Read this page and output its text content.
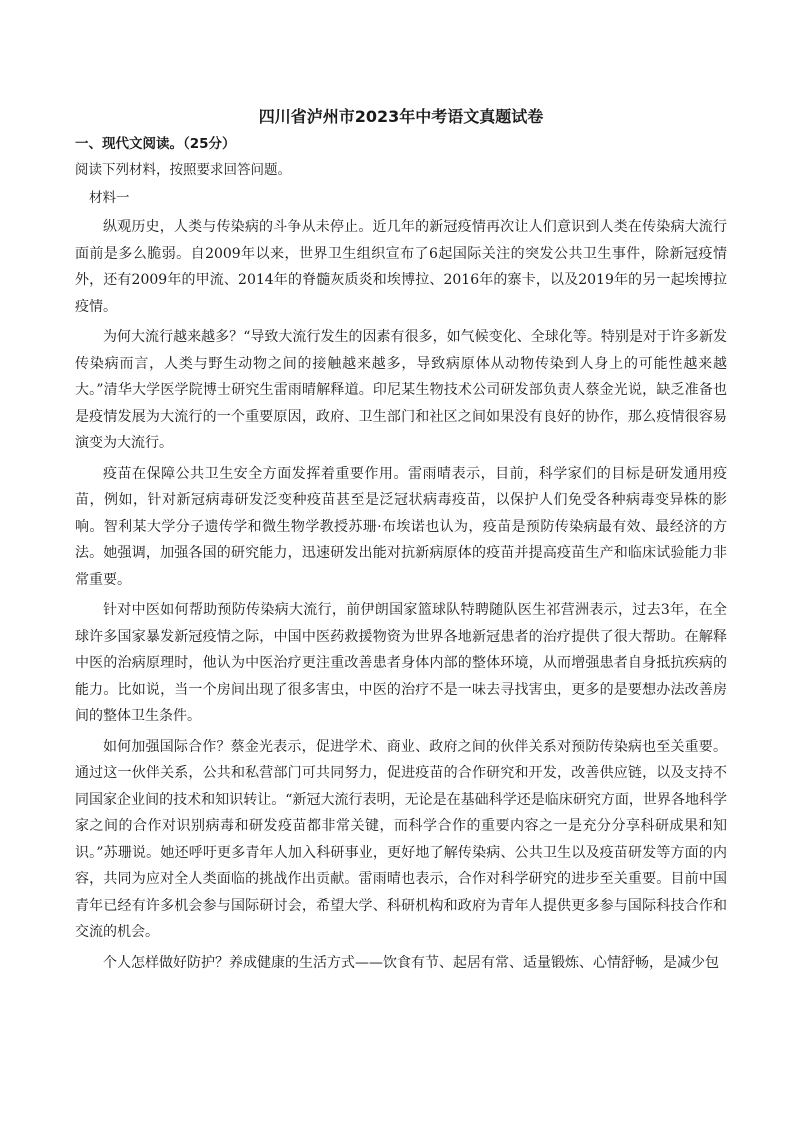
四川省泸州市2023年中考语文真题试卷
一、现代文阅读。（25分）
阅读下列材料，按照要求回答问题。
材料一

纵观历史，人类与传染病的斗争从未停止。近几年的新冠疫情再次让人们意识到人类在传染病大流行面前是多么脆弱。自2009年以来，世界卫生组织宣布了6起国际关注的突发公共卫生事件，除新冠疫情外，还有2009年的甲流、2014年的脊髓灰质炎和埃博拉、2016年的寨卡，以及2019年的另一起埃博拉疫情。

为何大流行越来越多？“导致大流行发生的因素有很多，如气候变化、全球化等。特别是对于许多新发传染病而言，人类与野生动物之间的接触越来越多，导致病原体从动物传染到人身上的可能性越来越大。”清华大学医学院博士研究生雷雨晴解释道。印尼某生物技术公司研发部负责人蔡金光说，缺乏准备也是疫情发展为大流行的一个重要原因，政府、卫生部门和社区之间如果没有良好的协作，那么疫情很容易演变为大流行。

疫苗在保障公共卫生安全方面发挥着重要作用。雷雨晴表示，目前，科学家们的目标是研发通用疫苗，例如，针对新冠病毒研发泛变种疫苗甚至是泛冠状病毒疫苗，以保护人们免受各种病毒变异株的影响。智利某大学分子遗传学和微生物学教授苏珊·布埃诺也认为，疫苗是预防传染病最有效、最经济的方法。她强调，加强各国的研究能力，迅速研发出能对抗新病原体的疫苗并提高疫苗生产和临床试验能力非常重要。

针对中医如何帮助预防传染病大流行，前伊朗国家篮球队特聘随队医生祁营洲表示，过去3年，在全球许多国家暴发新冠疫情之际，中国中医药救援物资为世界各地新冠患者的治疗提供了很大帮助。在解释中医的治病原理时，他认为中医治疗更注重改善患者身体内部的整体环境，从而增强患者自身抵抗疾病的能力。比如说，当一个房间出现了很多害虫，中医的治疗不是一味去寻找害虫，更多的是要想办法改善房间的整体卫生条件。

如何加强国际合作？蔡金光表示，促进学术、商业、政府之间的伙伴关系对预防传染病也至关重要。通过这一伙伴关系，公共和私营部门可共同努力，促进疫苗的合作研究和开发，改善供应链，以及支持不同国家企业间的技术和知识转让。“新冠大流行表明，无论是在基础科学还是临床研究方面，世界各地科学家之间的合作对识别病毒和研发疫苗都非常关键，而科学合作的重要内容之一是充分分享科研成果和知识。”苏珊说。她还呼吁更多青年人加入科研事业，更好地了解传染病、公共卫生以及疫苗研发等方面的内容，共同为应对全人类面临的挑战作出贡献。雷雨晴也表示，合作对科学研究的进步至关重要。目前中国青年已经有许多机会参与国际研讨会，希望大学、科研机构和政府为青年人提供更多参与国际科技合作和交流的机会。

个人怎样做好防护？养成健康的生活方式——饮食有节、起居有常、适量锻炼、心情舒畅，是减少包
